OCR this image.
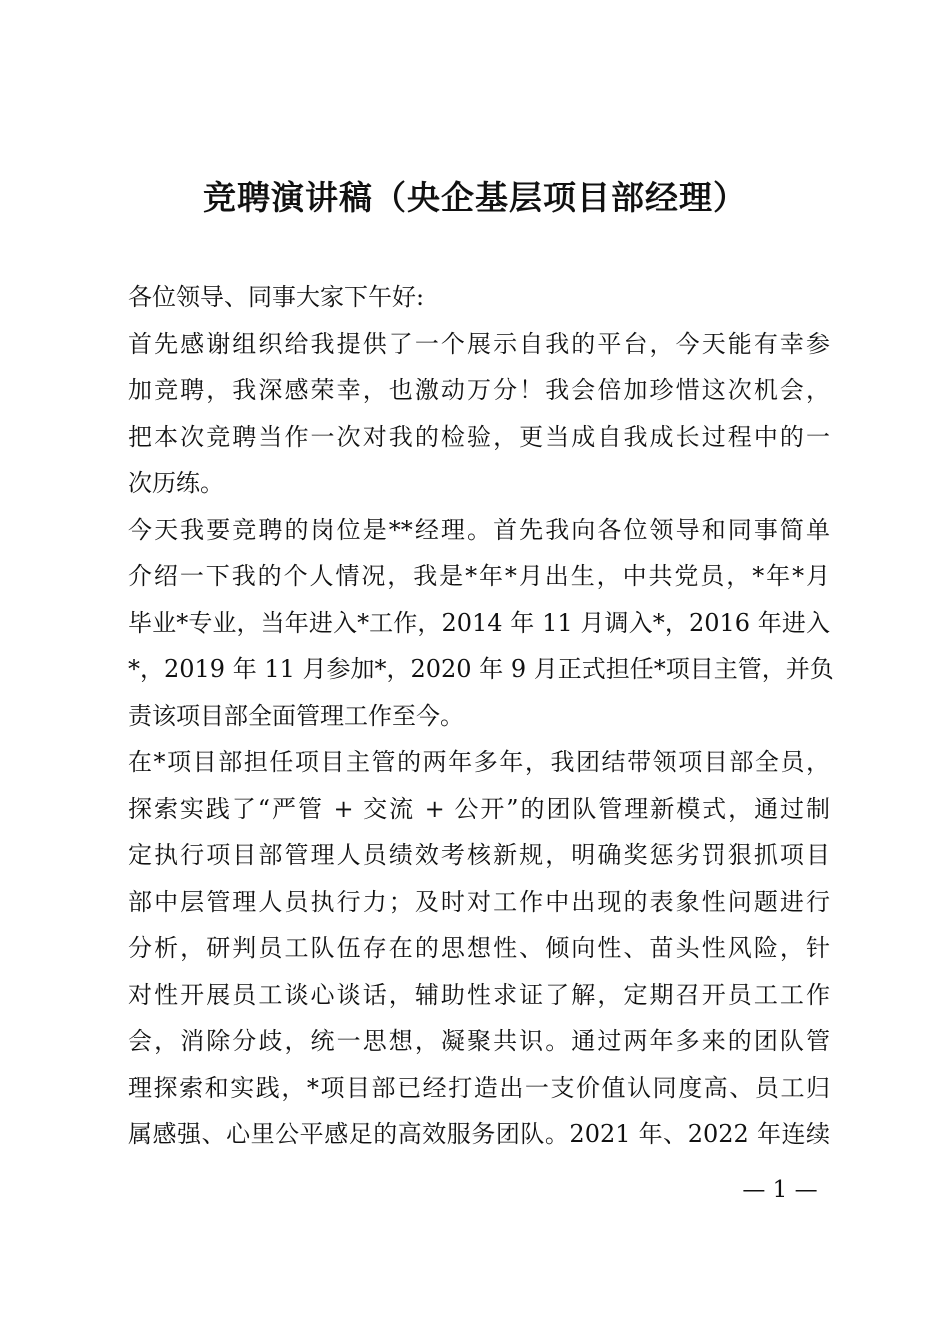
竞聘演讲稿（央企基层项目部经理）
各位领导、同事大家下午好:
首先感谢组织给我提供了一个展示自我的平台，今天能有幸参
加竞聘，我深感荣幸，也激动万分！我会倍加珍惜这次机会，
把本次竞聘当作一次对我的检验，更当成自我成长过程中的一
次历练。
今天我要竞聘的岗位是**经理。首先我向各位领导和同事简单
介绍一下我的个人情况，我是*年*月出生，中共党员，*年*月
毕业*专业，当年进入*工作，2014 年 11 月调入*，2016 年进入
*，2019 年 11 月参加*，2020 年 9 月正式担任*项目主管，并负
责该项目部全面管理工作至今。
在*项目部担任项目主管的两年多年，我团结带领项目部全员，
探索实践了“严管 + 交流 + 公开”的团队管理新模式，通过制
定执行项目部管理人员绩效考核新规，明确奖惩劣罚狠抓项目
部中层管理人员执行力；及时对工作中出现的表象性问题进行
分析，研判员工队伍存在的思想性、倾向性、苗头性风险，针
对性开展员工谈心谈话，辅助性求证了解，定期召开员工工作
会，消除分歧，统一思想，凝聚共识。通过两年多来的团队管
理探索和实践，*项目部已经打造出一支价值认同度高、员工归
属感强、心里公平感足的高效服务团队。2021 年、2022 年连续
— 1 —
